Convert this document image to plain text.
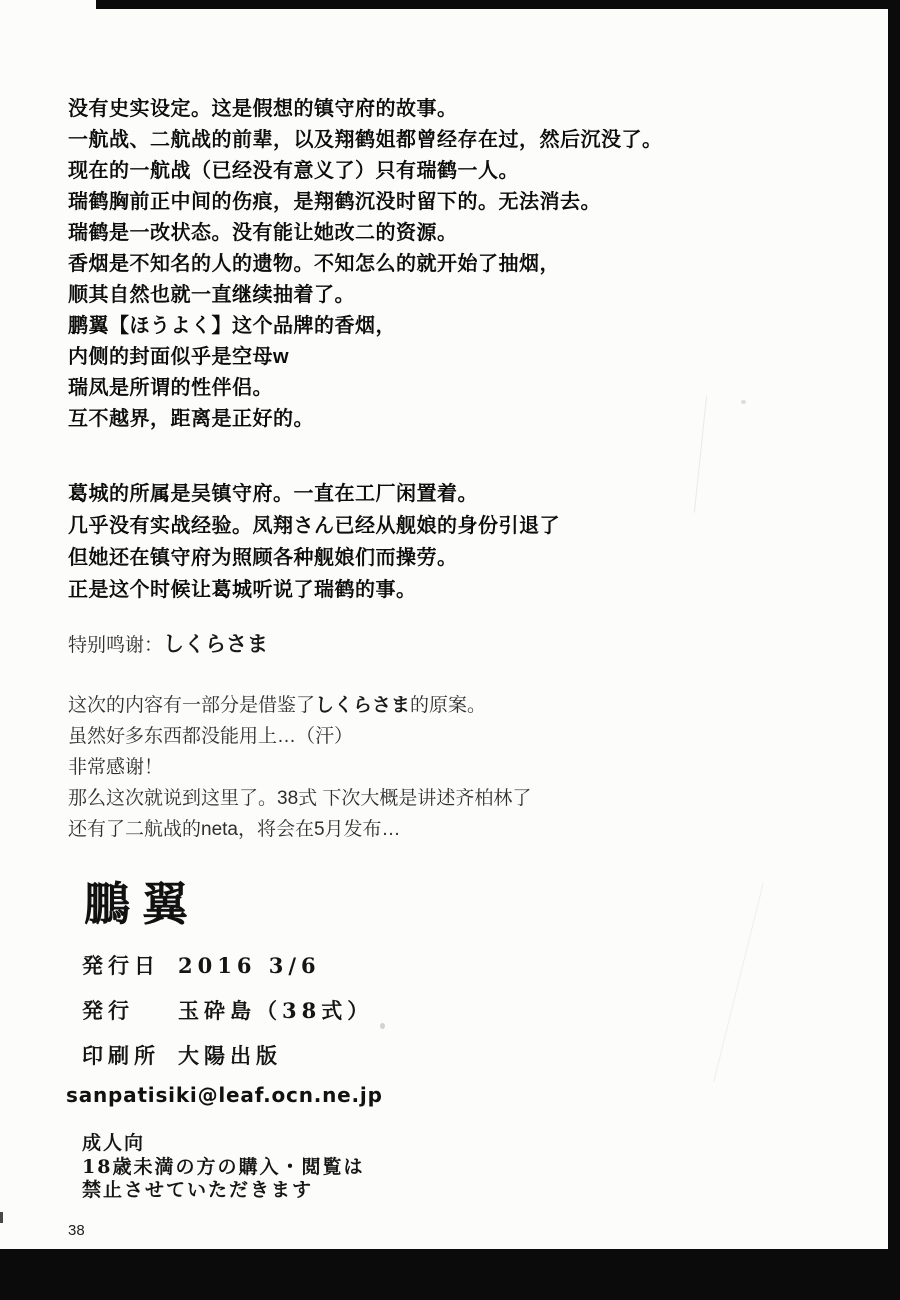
没有史实设定。这是假想的镇守府的故事。

一航战、二航战的前辈，以及翔鹤姐都曾经存在过，然后沉没了。

现在的一航战（已经没有意义了）只有瑞鹤一人。

瑞鹤胸前正中间的伤痕，是翔鹤沉没时留下的。无法消去。

瑞鹤是一改状态。没有能让她改二的资源。

香烟是不知名的人的遗物。不知怎么的就开始了抽烟，

顺其自然也就一直继续抽着了。

鹏翼【ほうよく】这个品牌的香烟，

内侧的封面似乎是空母w

瑞凤是所谓的性伴侣。

互不越界，距离是正好的。

葛城的所属是吴镇守府。一直在工厂闲置着。

几乎没有实战经验。凤翔さん已经从舰娘的身份引退了

但她还在镇守府为照顾各种舰娘们而操劳。

正是这个时候让葛城听说了瑞鹤的事。

特别鸣谢：しくらさま

这次的内容有一部分是借鉴了しくらさま的原案。

虽然好多东西都没能用上…（汗）

非常感谢！

那么这次就说到这里了。38式 下次大概是讲述齐柏林了

还有了二航战的neta，将会在5月发布…

鵬翼

発行日 2016 3/6

発行 玉砕島（38式）

印刷所 大陽出版

sanpatisiki@leaf.ocn.ne.jp

成人向

18歳未満の方の購入・閲覧は

禁止させていただきます

38
